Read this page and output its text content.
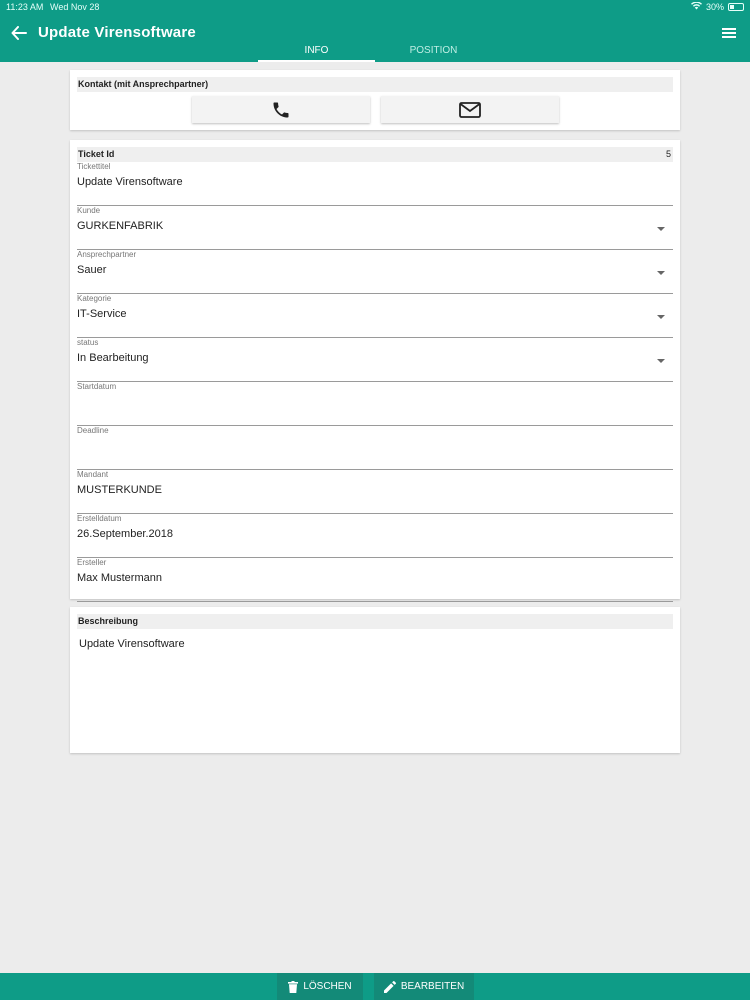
11:23 AM Wed Nov 28	30%
Update Virensoftware
INFO	POSITION
Kontakt (mit Ansprechpartner)
Ticket Id	5
Tickettitel
Update Virensoftware
Kunde
GURKENFABRIK
Ansprechpartner
Sauer
Kategorie
IT-Service
status
In Bearbeitung
Startdatum
Deadline
Mandant
MUSTERKUNDE
Erstelldatum
26.September.2018
Ersteller
Max Mustermann
Beschreibung
Update Virensoftware
LÖSCHEN	BEARBEITEN
